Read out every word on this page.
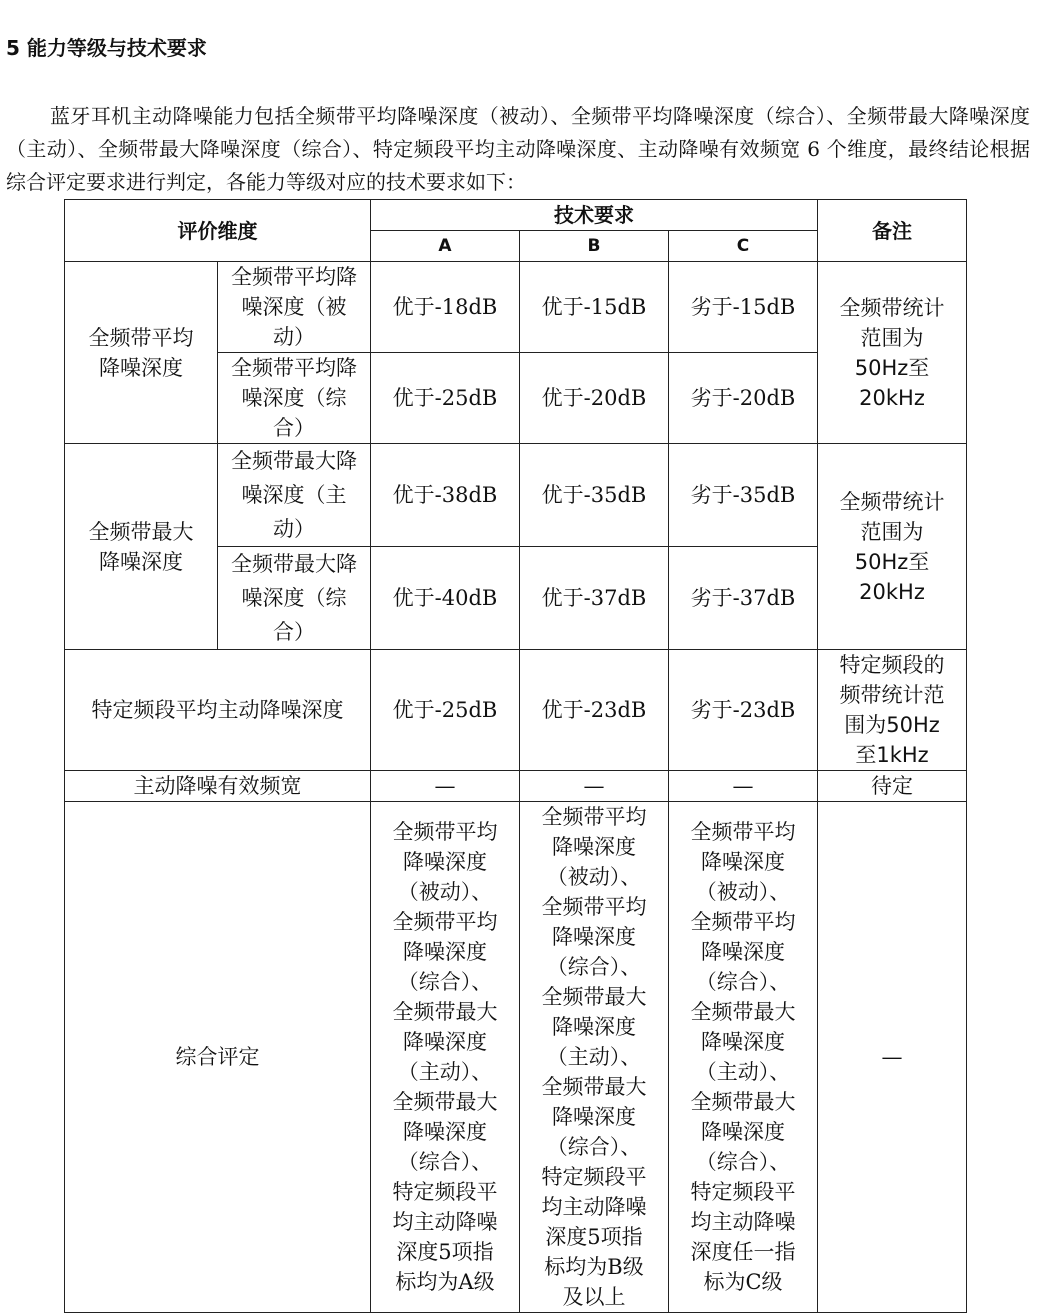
5 能力等级与技术要求

蓝牙耳机主动降噪能力包括全频带平均降噪深度（被动）、全频带平均降噪深度（综合）、全频带最大降噪深度（主动）、全频带最大降噪深度（综合）、特定频段平均主动降噪深度、主动降噪有效频宽 6 个维度，最终结论根据综合评定要求进行判定，各能力等级对应的技术要求如下：

评价维度		技术要求			备注
		A	B	C	

全频带平均降噪深度	全频带平均降噪深度（被动）	优于-18dB	优于-15dB	劣于-15dB	全频带统计范围为50Hz至20kHz

	全频带平均降噪深度（综合）	优于-25dB	优于-20dB	劣于-20dB	

全频带最大降噪深度	全频带最大降噪深度（主动）	优于-38dB	优于-35dB	劣于-35dB	全频带统计范围为50Hz至20kHz

	全频带最大降噪深度（综合）	优于-40dB	优于-37dB	劣于-37dB	
特定频段平均主动降噪深度		优于-25dB	优于-23dB	劣于-23dB	特定频段的频带统计范围为50Hz至1kHz

主动降噪有效频宽		—	—	—	待定
综合评定		全频带平均降噪深度（被动）、全频带平均降噪深度（综合）、全频带最大降噪深度（主动）、全频带最大降噪深度（综合）、特定频段平均主动降噪深度5项指标均为A级	全频带平均降噪深度（被动）、全频带平均降噪深度（综合）、全频带最大降噪深度（主动）、全频带最大降噪深度（综合）、特定频段平均主动降噪深度5项指标均为B级及以上	全频带平均降噪深度（被动）、全频带平均降噪深度（综合）、全频带最大降噪深度（主动）、全频带最大降噪深度（综合）、特定频段平均主动降噪深度任一指标为C级	—
